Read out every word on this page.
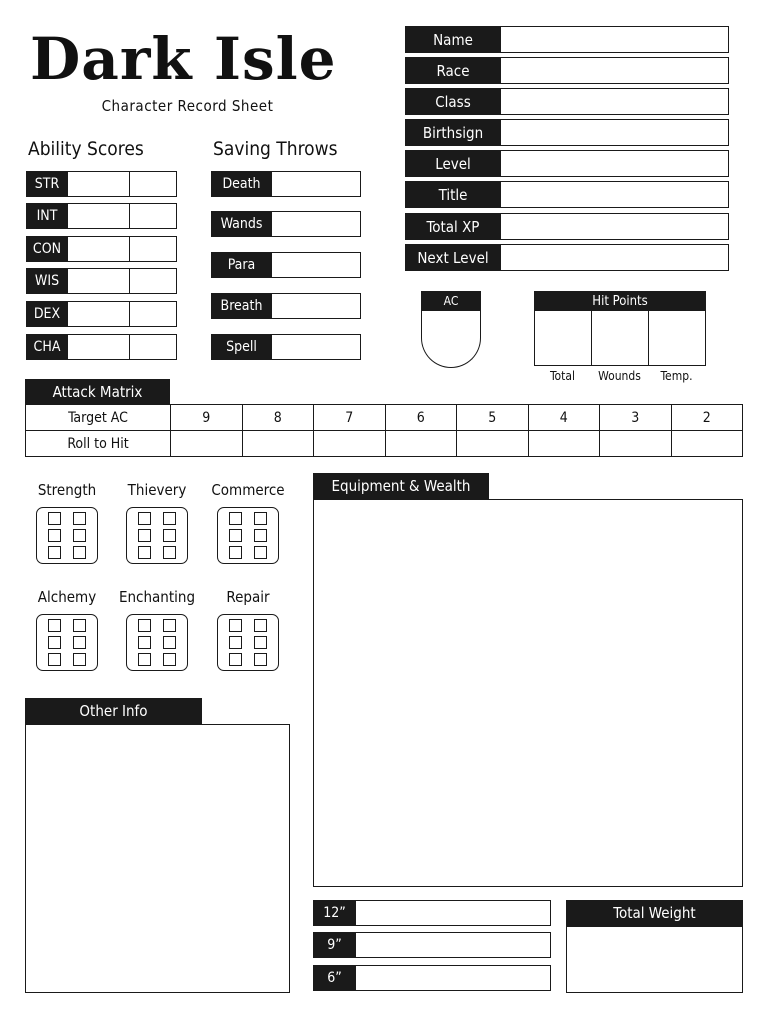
Dark Isle
Character Record Sheet
Name
Race
Class
Birthsign
Level
Title
Total XP
Next Level
Ability Scores
STR
INT
CON
WIS
DEX
CHA
Saving Throws
Death
Wands
Para
Breath
Spell
AC	Hit Points
Total	Wounds	Temp.
Attack Matrix
Target AC	9	8	7	6	5	4	3	2
Roll to Hit								
Strength	Thievery	Commerce
Alchemy	Enchanting	Repair
Other Info
Equipment & Wealth
12”
9”
6”
Total Weight
